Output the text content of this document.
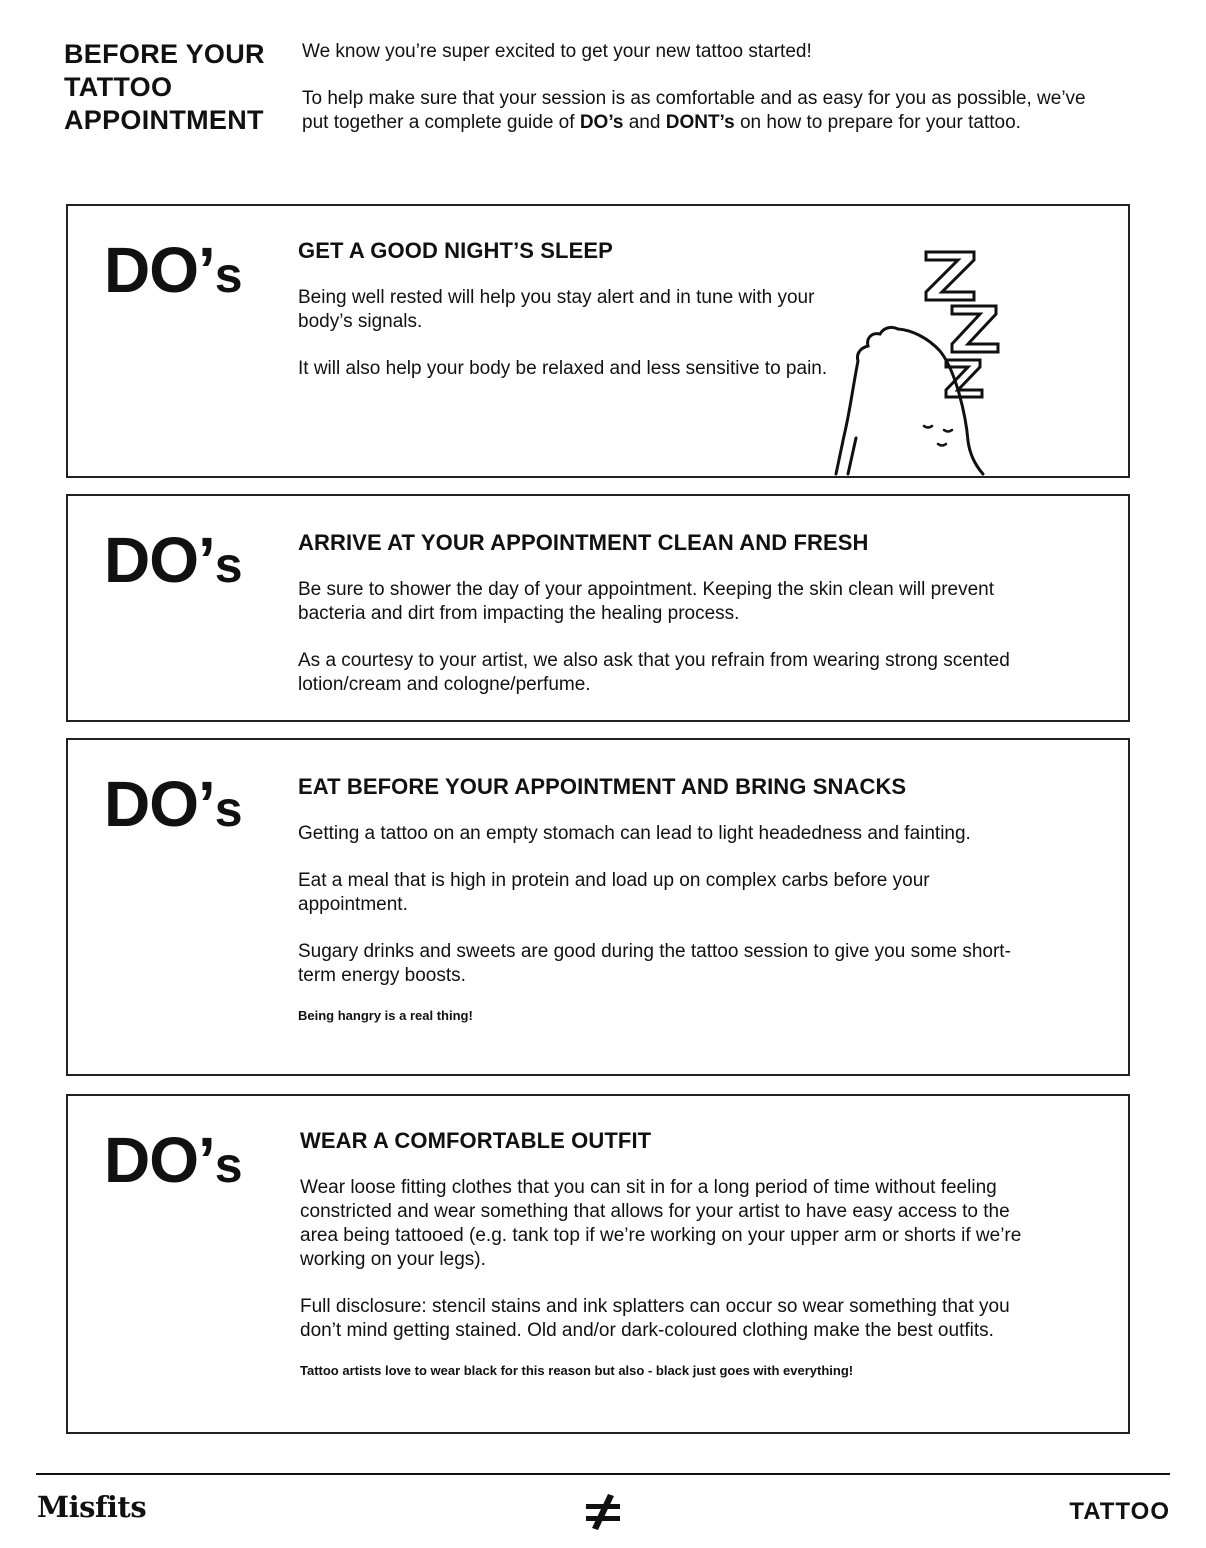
BEFORE YOUR
TATTOO
APPOINTMENT

We know you’re super excited to get your new tattoo started!

To help make sure that your session is as comfortable and as easy for you as possible, we’ve put together a complete guide of DO’s and DONT’s on how to prepare for your tattoo.

DO’s	GET A GOOD NIGHT’S SLEEP

Being well rested will help you stay alert and in tune with your body’s signals.

It will also help your body be relaxed and less sensitive to pain.

DO’s	ARRIVE AT YOUR APPOINTMENT CLEAN AND FRESH

Be sure to shower the day of your appointment. Keeping the skin clean will prevent bacteria and dirt from impacting the healing process.

As a courtesy to your artist, we also ask that you refrain from wearing strong scented lotion/cream and cologne/perfume.

DO’s	EAT BEFORE YOUR APPOINTMENT AND BRING SNACKS

Getting a tattoo on an empty stomach can lead to light headedness and fainting.

Eat a meal that is high in protein and load up on complex carbs before your appointment.

Sugary drinks and sweets are good during the tattoo session to give you some short-term energy boosts.

Being hangry is a real thing!

DO’s	WEAR A COMFORTABLE OUTFIT

Wear loose fitting clothes that you can sit in for a long period of time without feeling constricted and wear something that allows for your artist to have easy access to the area being tattooed (e.g. tank top if we’re working on your upper arm or shorts if we’re working on your legs).

Full disclosure: stencil stains and ink splatters can occur so wear something that you don’t mind getting stained. Old and/or dark-coloured clothing make the best outfits.

Tattoo artists love to wear black for this reason but also - black just goes with everything!

Misfits	TATTOO
